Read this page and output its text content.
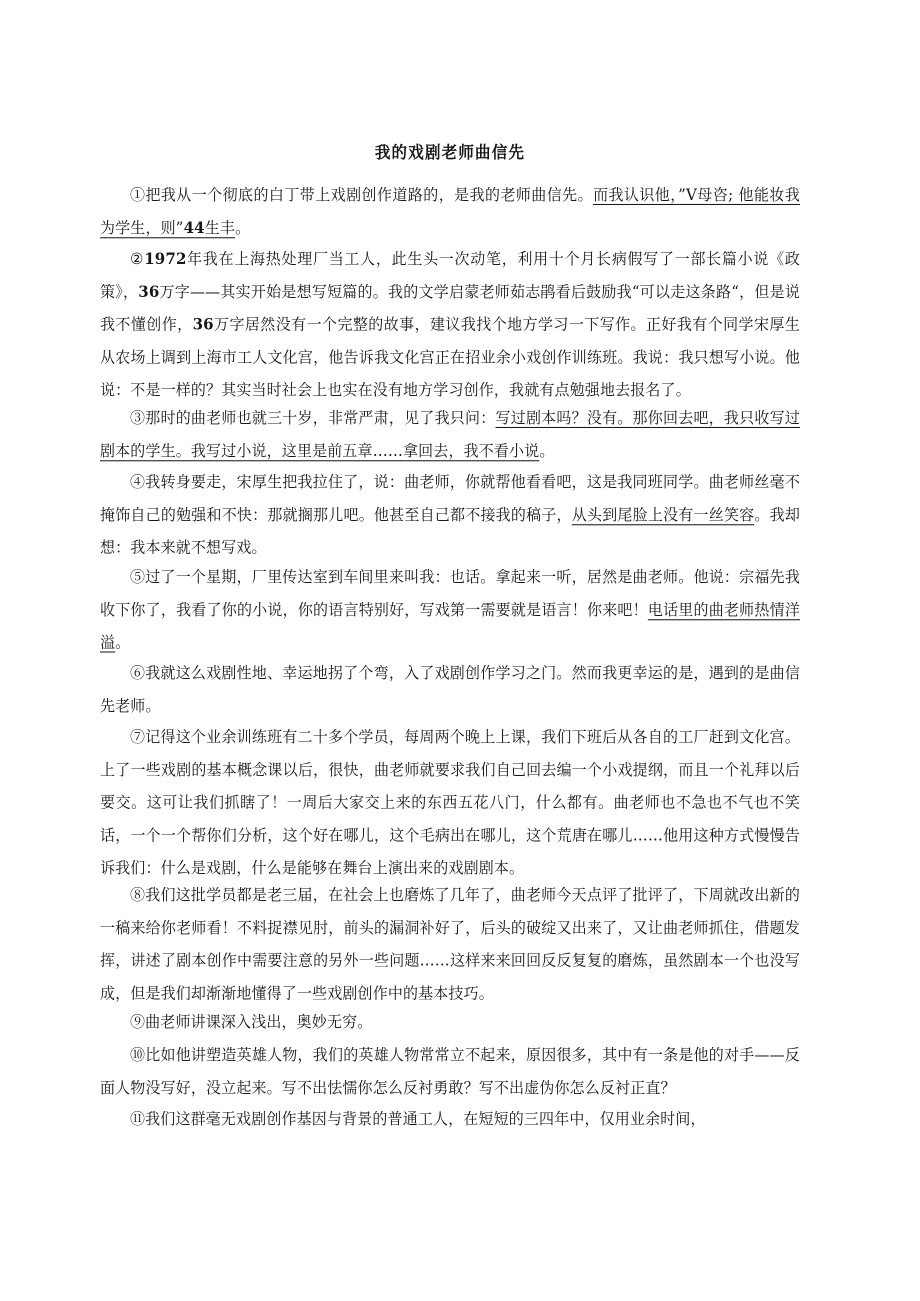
我的戏剧老师曲信先
①把我从一个彻底的白丁带上戏剧创作道路的，是我的老师曲信先。而我认识他，”V母咨; 他能妆我为学生，则”44生丰。
②1972年我在上海热处理厂当工人，此生头一次动笔，利用十个月长病假写了一部长篇小说《政策》，36万字——其实开始是想写短篇的。我的文学启蒙老师茹志鹃看后鼓励我“可以走这条路“，但是说我不懂创作，36万字居然没有一个完整的故事，建议我找个地方学习一下写作。正好我有个同学宋厚生从农场上调到上海市工人文化宫，他告诉我文化宫正在招业余小戏创作训练班。我说：我只想写小说。他说：不是一样的？其实当时社会上也实在没有地方学习创作，我就有点勉强地去报名了。
③那时的曲老师也就三十岁，非常严肃，见了我只问：写过剧本吗？没有。那你回去吧，我只收写过剧本的学生。我写过小说，这里是前五章……拿回去，我不看小说。
④我转身要走，宋厚生把我拉住了，说：曲老师，你就帮他看看吧，这是我同班同学。曲老师丝毫不掩饰自己的勉强和不快：那就搁那儿吧。他甚至自己都不接我的稿子，从头到尾脸上没有一丝笑容。我却想：我本来就不想写戏。
⑤过了一个星期，厂里传达室到车间里来叫我：也话。拿起来一听，居然是曲老师。他说：宗福先我收下你了，我看了你的小说，你的语言特别好，写戏第一需要就是语言！你来吧！电话里的曲老师热情洋溢。
⑥我就这么戏剧性地、幸运地拐了个弯，入了戏剧创作学习之门。然而我更幸运的是，遇到的是曲信先老师。
⑦记得这个业余训练班有二十多个学员，每周两个晚上上课，我们下班后从各自的工厂赶到文化宫。上了一些戏剧的基本概念课以后，很快，曲老师就要求我们自己回去编一个小戏提纲，而且一个礼拜以后要交。这可让我们抓瞎了！一周后大家交上来的东西五花八门，什么都有。曲老师也不急也不气也不笑话，一个一个帮你们分析，这个好在哪儿，这个毛病出在哪儿，这个荒唐在哪儿……他用这种方式慢慢告诉我们：什么是戏剧，什么是能够在舞台上演出来的戏剧剧本。
⑧我们这批学员都是老三届，在社会上也磨炼了几年了，曲老师今天点评了批评了，下周就改出新的一稿来给你老师看！不料捉襟见肘，前头的漏洞补好了，后头的破绽又出来了，又让曲老师抓住，借题发挥，讲述了剧本创作中需要注意的另外一些问题……这样来来回回反反复复的磨炼，虽然剧本一个也没写成，但是我们却渐渐地懂得了一些戏剧创作中的基本技巧。
⑨曲老师讲课深入浅出，奥妙无穷。
⑩比如他讲塑造英雄人物，我们的英雄人物常常立不起来，原因很多，其中有一条是他的对手——反面人物没写好，没立起来。写不出怯懦你怎么反衬勇敢？写不出虚伪你怎么反衬正直？
⑪我们这群毫无戏剧创作基因与背景的普通工人，在短短的三四年中，仅用业余时间，
